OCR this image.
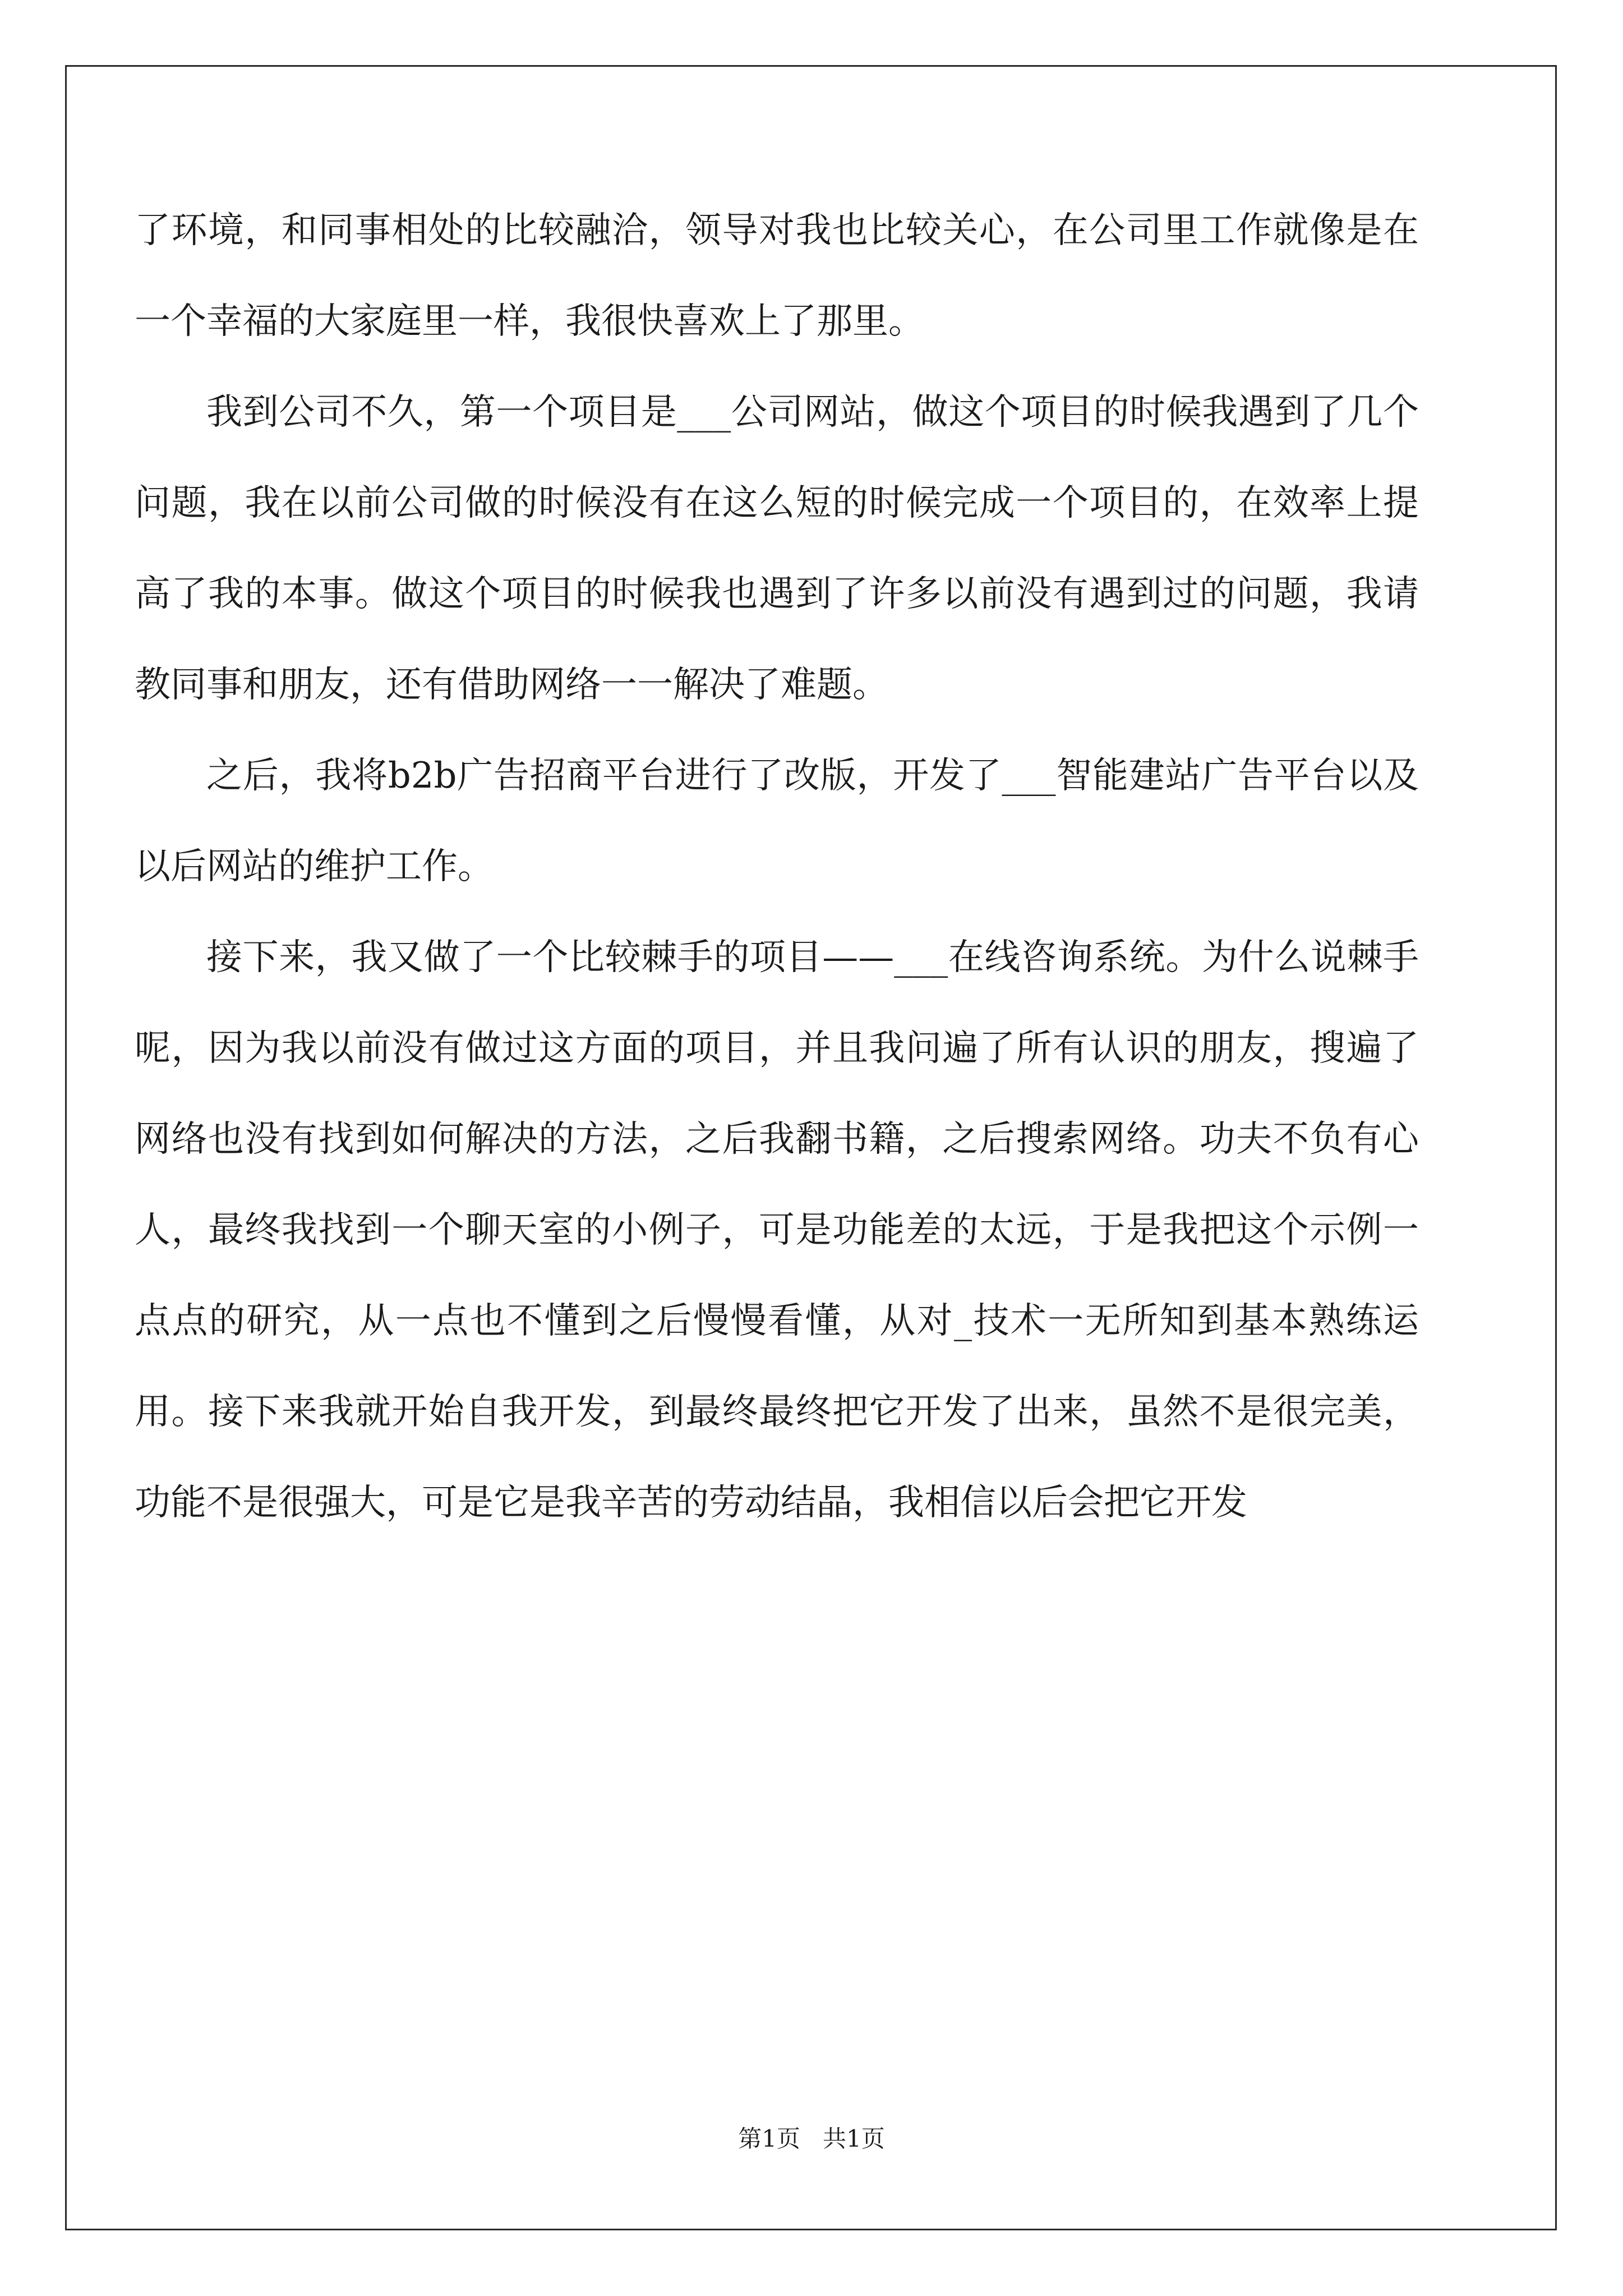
了环境，和同事相处的比较融洽，领导对我也比较关心，在公司里工作就像是在一个幸福的大家庭里一样，我很快喜欢上了那里。

我到公司不久，第一个项目是___公司网站，做这个项目的时候我遇到了几个问题，我在以前公司做的时候没有在这么短的时候完成一个项目的，在效率上提高了我的本事。做这个项目的时候我也遇到了许多以前没有遇到过的问题，我请教同事和朋友，还有借助网络一一解决了难题。

之后，我将b2b广告招商平台进行了改版，开发了___智能建站广告平台以及以后网站的维护工作。

接下来，我又做了一个比较棘手的项目——___在线咨询系统。为什么说棘手呢，因为我以前没有做过这方面的项目，并且我问遍了所有认识的朋友，搜遍了网络也没有找到如何解决的方法，之后我翻书籍，之后搜索网络。功夫不负有心人，最终我找到一个聊天室的小例子，可是功能差的太远，于是我把这个示例一点点的研究，从一点也不懂到之后慢慢看懂，从对_技术一无所知到基本熟练运用。接下来我就开始自我开发，到最终最终把它开发了出来，虽然不是很完美，功能不是很强大，可是它是我辛苦的劳动结晶，我相信以后会把它开发

第1页 共1页
